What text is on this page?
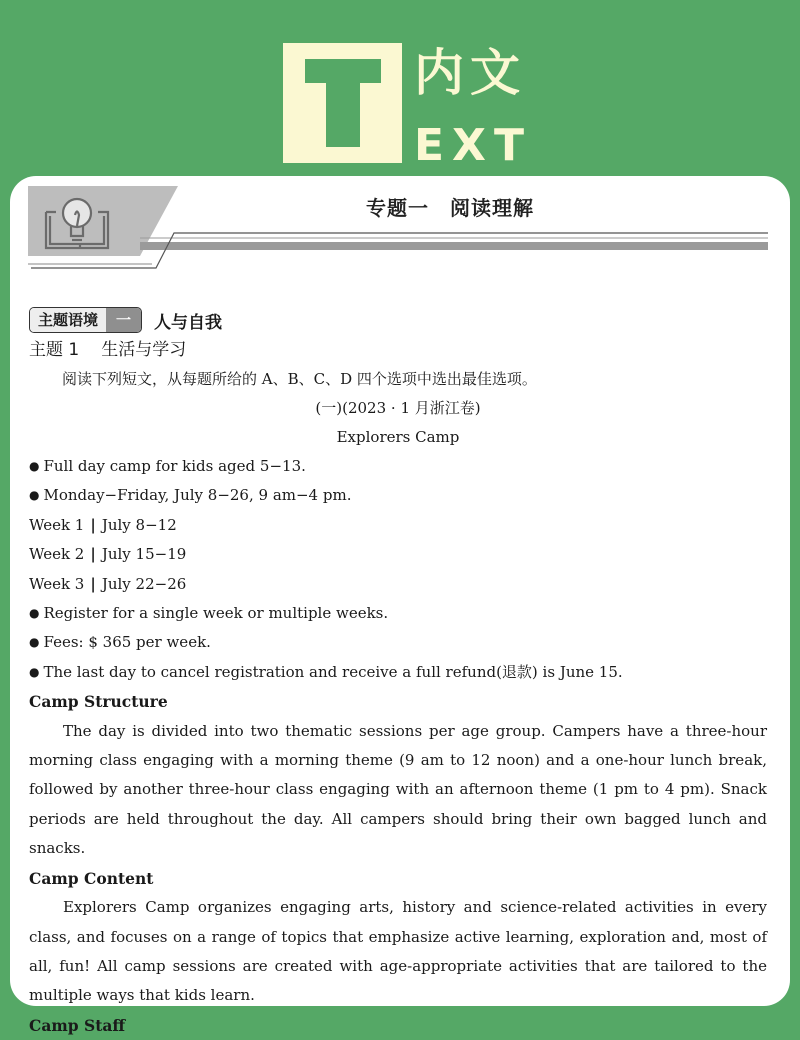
内文
EXT
专题一　阅读理解
主题语境	一	人与自我
主题 1 生活与学习
阅读下列短文，从每题所给的 A、B、C、D 四个选项中选出最佳选项。
(一)(2023 · 1 月浙江卷)
Explorers Camp
● Full day camp for kids aged 5−13.
● Monday−Friday, July 8−26, 9 am−4 pm.
Week 1 | July 8−12
Week 2 | July 15−19
Week 3 | July 22−26
● Register for a single week or multiple weeks.
● Fees: $ 365 per week.
● The last day to cancel registration and receive a full refund(退款) is June 15.
Camp Structure

The day is divided into two thematic sessions per age group. Campers have a three-hour morning class engaging with a morning theme (9 am to 12 noon) and a one-hour lunch break, followed by another three-hour class engaging with an afternoon theme (1 pm to 4 pm). Snack periods are held throughout the day. All campers should bring their own bagged lunch and snacks.

Camp Content

Explorers Camp organizes engaging arts, history and science-related activities in every class, and focuses on a range of topics that emphasize active learning, exploration and, most of all, fun! All camp sessions are created with age-appropriate activities that are tailored to the multiple ways that kids learn.

Camp Staff
